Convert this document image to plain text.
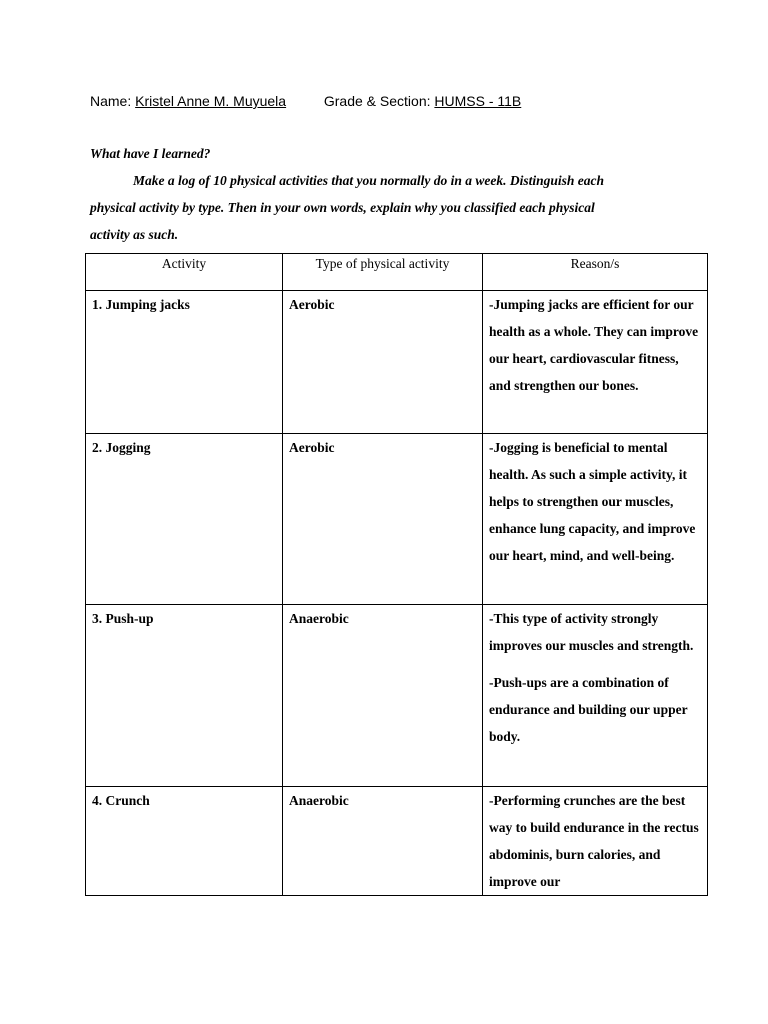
Name: Kristel Anne M. Muyuela	Grade & Section: HUMSS - 11B
What have I learned?
Make a log of 10 physical activities that you normally do in a week. Distinguish each
physical activity by type. Then in your own words, explain why you classified each physical
activity as such.
Activity	Type of physical activity	Reason/s
1. Jumping jacks	Aerobic	-Jumping jacks are efficient for our health as a whole. They can improve our heart, cardiovascular fitness, and strengthen our bones.

2. Jogging	Aerobic	-Jogging is beneficial to mental health. As such a simple activity, it helps to strengthen our muscles, enhance lung capacity, and improve our heart, mind, and well-being.

3. Push-up	Anaerobic	-This type of activity strongly improves our muscles and strength.

-Push-ups are a combination of endurance and building our upper body.

4. Crunch	Anaerobic	-Performing crunches are the best way to build endurance in the rectus abdominis, burn calories, and improve our
